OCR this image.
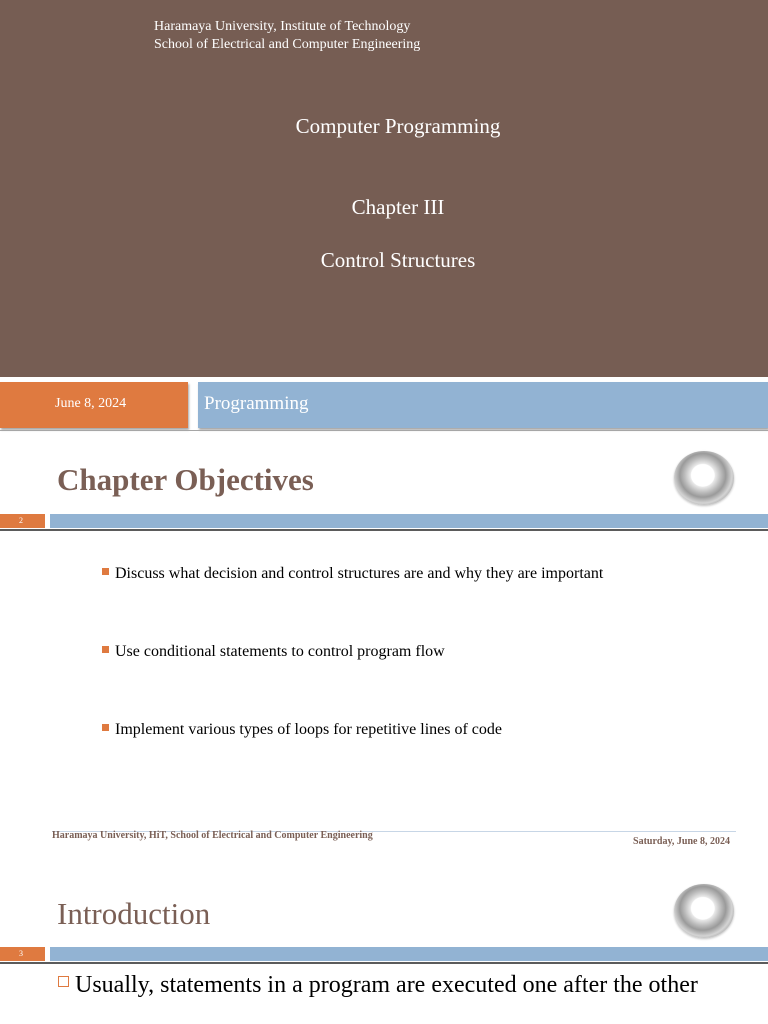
Haramaya University, Institute of Technology
School of Electrical and Computer Engineering
Computer Programming
Chapter III
Control Structures
June 8, 2024	Programming
Chapter Objectives
2
Discuss what decision and control structures are and why they are important
Use conditional statements to control program flow
Implement various types of loops for repetitive lines of code
Haramaya University, HiT, School of Electrical and Computer Engineering
Saturday, June 8, 2024
Introduction
3
Usually, statements in a program are executed one after the other
